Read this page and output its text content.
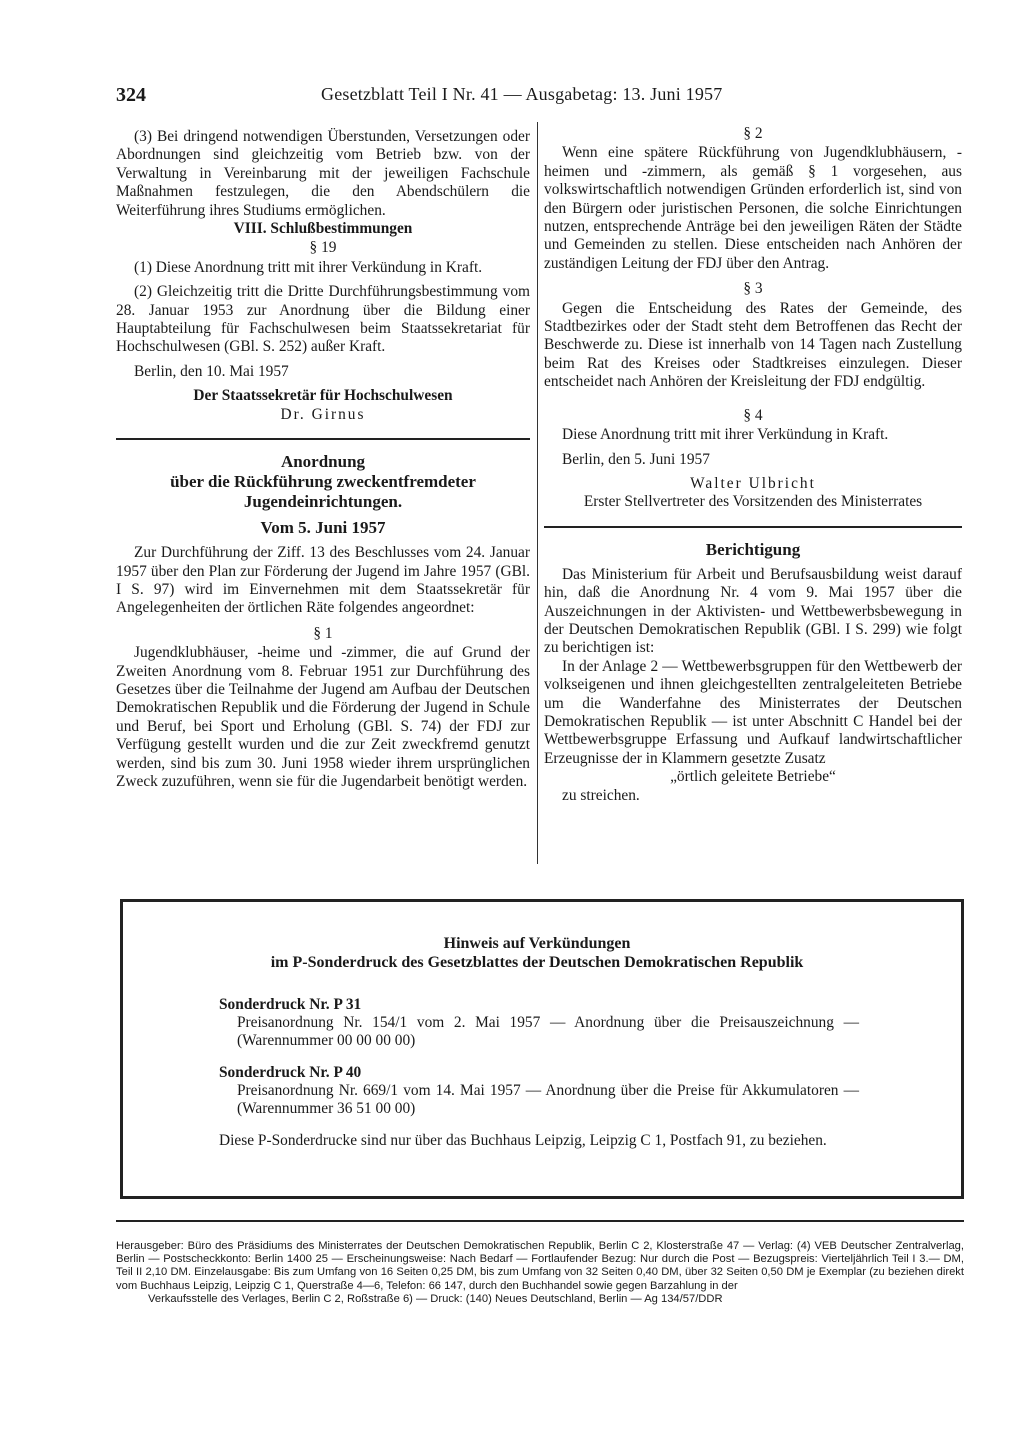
324	Gesetzblatt Teil I Nr. 41 — Ausgabetag: 13. Juni 1957

(3) Bei dringend notwendigen Überstunden, Versetzungen oder Abordnungen sind gleichzeitig vom Betrieb bzw. von der Verwaltung in Vereinbarung mit der jeweiligen Fachschule Maßnahmen festzulegen, die den Abendschülern die Weiterführung ihres Studiums ermöglichen.

VIII. Schlußbestimmungen

§ 19

(1) Diese Anordnung tritt mit ihrer Verkündung in Kraft.

(2) Gleichzeitig tritt die Dritte Durchführungsbestimmung vom 28. Januar 1953 zur Anordnung über die Bildung einer Hauptabteilung für Fachschulwesen beim Staatssekretariat für Hochschulwesen (GBl. S. 252) außer Kraft.

Berlin, den 10. Mai 1957

Der Staatssekretär für Hochschulwesen

Dr. Girnus

Anordnung

über die Rückführung zweckentfremdeter Jugendeinrichtungen.

Vom 5. Juni 1957

Zur Durchführung der Ziff. 13 des Beschlusses vom 24. Januar 1957 über den Plan zur Förderung der Jugend im Jahre 1957 (GBl. I S. 97) wird im Einvernehmen mit dem Staatssekretär für Angelegenheiten der örtlichen Räte folgendes angeordnet:

§ 1

Jugendklubhäuser, -heime und -zimmer, die auf Grund der Zweiten Anordnung vom 8. Februar 1951 zur Durchführung des Gesetzes über die Teilnahme der Jugend am Aufbau der Deutschen Demokratischen Republik und die Förderung der Jugend in Schule und Beruf, bei Sport und Erholung (GBl. S. 74) der FDJ zur Verfügung gestellt wurden und die zur Zeit zweckfremd genutzt werden, sind bis zum 30. Juni 1958 wieder ihrem ursprünglichen Zweck zuzuführen, wenn sie für die Jugendarbeit benötigt werden.

§ 2

Wenn eine spätere Rückführung von Jugendklubhäusern, -heimen und -zimmern, als gemäß § 1 vorgesehen, aus volkswirtschaftlich notwendigen Gründen erforderlich ist, sind von den Bürgern oder juristischen Personen, die solche Einrichtungen nutzen, entsprechende Anträge bei den jeweiligen Räten der Städte und Gemeinden zu stellen. Diese entscheiden nach Anhören der zuständigen Leitung der FDJ über den Antrag.

§ 3

Gegen die Entscheidung des Rates der Gemeinde, des Stadtbezirkes oder der Stadt steht dem Betroffenen das Recht der Beschwerde zu. Diese ist innerhalb von 14 Tagen nach Zustellung beim Rat des Kreises oder Stadtkreises einzulegen. Dieser entscheidet nach Anhören der Kreisleitung der FDJ endgültig.

§ 4

Diese Anordnung tritt mit ihrer Verkündung in Kraft.

Berlin, den 5. Juni 1957

Walter Ulbricht

Erster Stellvertreter des Vorsitzenden des Ministerrates

Berichtigung

Das Ministerium für Arbeit und Berufsausbildung weist darauf hin, daß die Anordnung Nr. 4 vom 9. Mai 1957 über die Auszeichnungen in der Aktivisten- und Wettbewerbsbewegung in der Deutschen Demokratischen Republik (GBl. I S. 299) wie folgt zu berichtigen ist:

In der Anlage 2 — Wettbewerbsgruppen für den Wettbewerb der volkseigenen und ihnen gleichgestellten zentralgeleiteten Betriebe um die Wanderfahne des Ministerrates der Deutschen Demokratischen Republik — ist unter Abschnitt C Handel bei der Wettbewerbsgruppe Erfassung und Aufkauf landwirtschaftlicher Erzeugnisse der in Klammern gesetzte Zusatz

„örtlich geleitete Betriebe“

zu streichen.

Hinweis auf Verkündungen

im P-Sonderdruck des Gesetzblattes der Deutschen Demokratischen Republik

Sonderdruck Nr. P 31

Preisanordnung Nr. 154/1 vom 2. Mai 1957 — Anordnung über die Preisauszeichnung — (Warennummer 00 00 00 00)

Sonderdruck Nr. P 40

Preisanordnung Nr. 669/1 vom 14. Mai 1957 — Anordnung über die Preise für Akkumulatoren — (Warennummer 36 51 00 00)

Diese P-Sonderdrucke sind nur über das Buchhaus Leipzig, Leipzig C 1, Postfach 91, zu beziehen.

Herausgeber: Büro des Präsidiums des Ministerrates der Deutschen Demokratischen Republik, Berlin C 2, Klosterstraße 47 — Verlag: (4) VEB Deutscher Zentralverlag, Berlin — Postscheckkonto: Berlin 1400 25 — Erscheinungsweise: Nach Bedarf — Fortlaufender Bezug: Nur durch die Post — Bezugspreis: Vierteljährlich Teil I 3.— DM, Teil II 2,10 DM. Einzelausgabe: Bis zum Umfang von 16 Seiten 0,25 DM, bis zum Umfang von 32 Seiten 0,40 DM, über 32 Seiten 0,50 DM je Exemplar (zu beziehen direkt vom Buchhaus Leipzig, Leipzig C 1, Querstraße 4—6, Telefon: 66 147, durch den Buchhandel sowie gegen Barzahlung in der

Verkaufsstelle des Verlages, Berlin C 2, Roßstraße 6) — Druck: (140) Neues Deutschland, Berlin — Ag 134/57/DDR
